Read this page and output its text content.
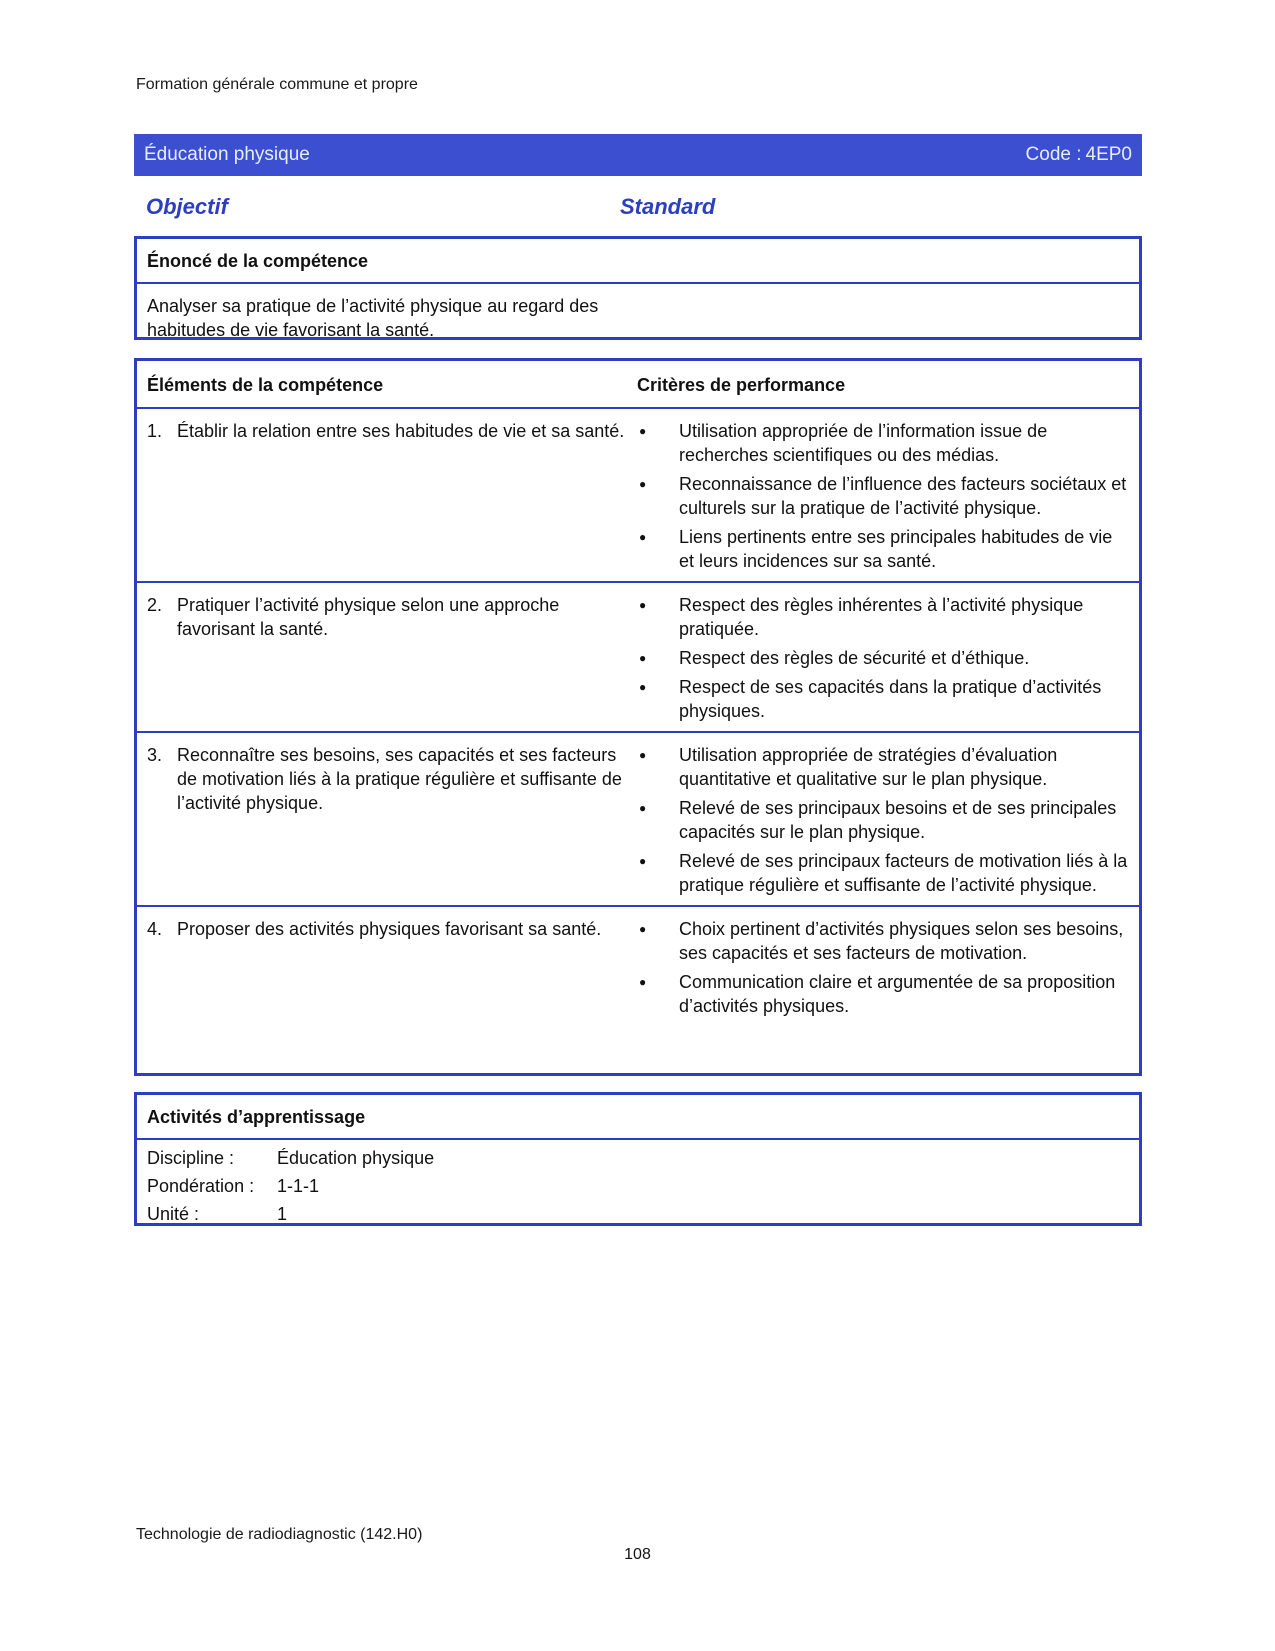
Formation générale commune et propre
Éducation physique	Code : 4EP0
Objectif	Standard
Énoncé de la compétence
Analyser sa pratique de l’activité physique au regard des habitudes de vie favorisant la santé.
Éléments de la compétence	Critères de performance
1. Établir la relation entre ses habitudes de vie et sa santé. ●	Utilisation appropriée de l’information issue de recherches scientifiques ou des médias.
●	Reconnaissance de l’influence des facteurs sociétaux et culturels sur la pratique de l’activité physique.
●	Liens pertinents entre ses principales habitudes de vie et leurs incidences sur sa santé.
2. Pratiquer l’activité physique selon une approche favorisant la santé.
●	Respect des règles inhérentes à l’activité physique pratiquée.
●	Respect des règles de sécurité et d’éthique.
●	Respect de ses capacités dans la pratique d’activités physiques.
3. Reconnaître ses besoins, ses capacités et ses facteurs de motivation liés à la pratique régulière et suffisante de l’activité physique.
●	Utilisation appropriée de stratégies d’évaluation quantitative et qualitative sur le plan physique.
●	Relevé de ses principaux besoins et de ses principales capacités sur le plan physique.
●	Relevé de ses principaux facteurs de motivation liés à la pratique régulière et suffisante de l’activité physique.
4. Proposer des activités physiques favorisant sa santé.	●	Choix pertinent d’activités physiques selon ses besoins, ses capacités et ses facteurs de motivation.
●	Communication claire et argumentée de sa proposition d’activités physiques.
Activités d’apprentissage
Discipline :	Éducation physique
Pondération :	1-1-1
Unité :	1
Technologie de radiodiagnostic (142.H0)
108
